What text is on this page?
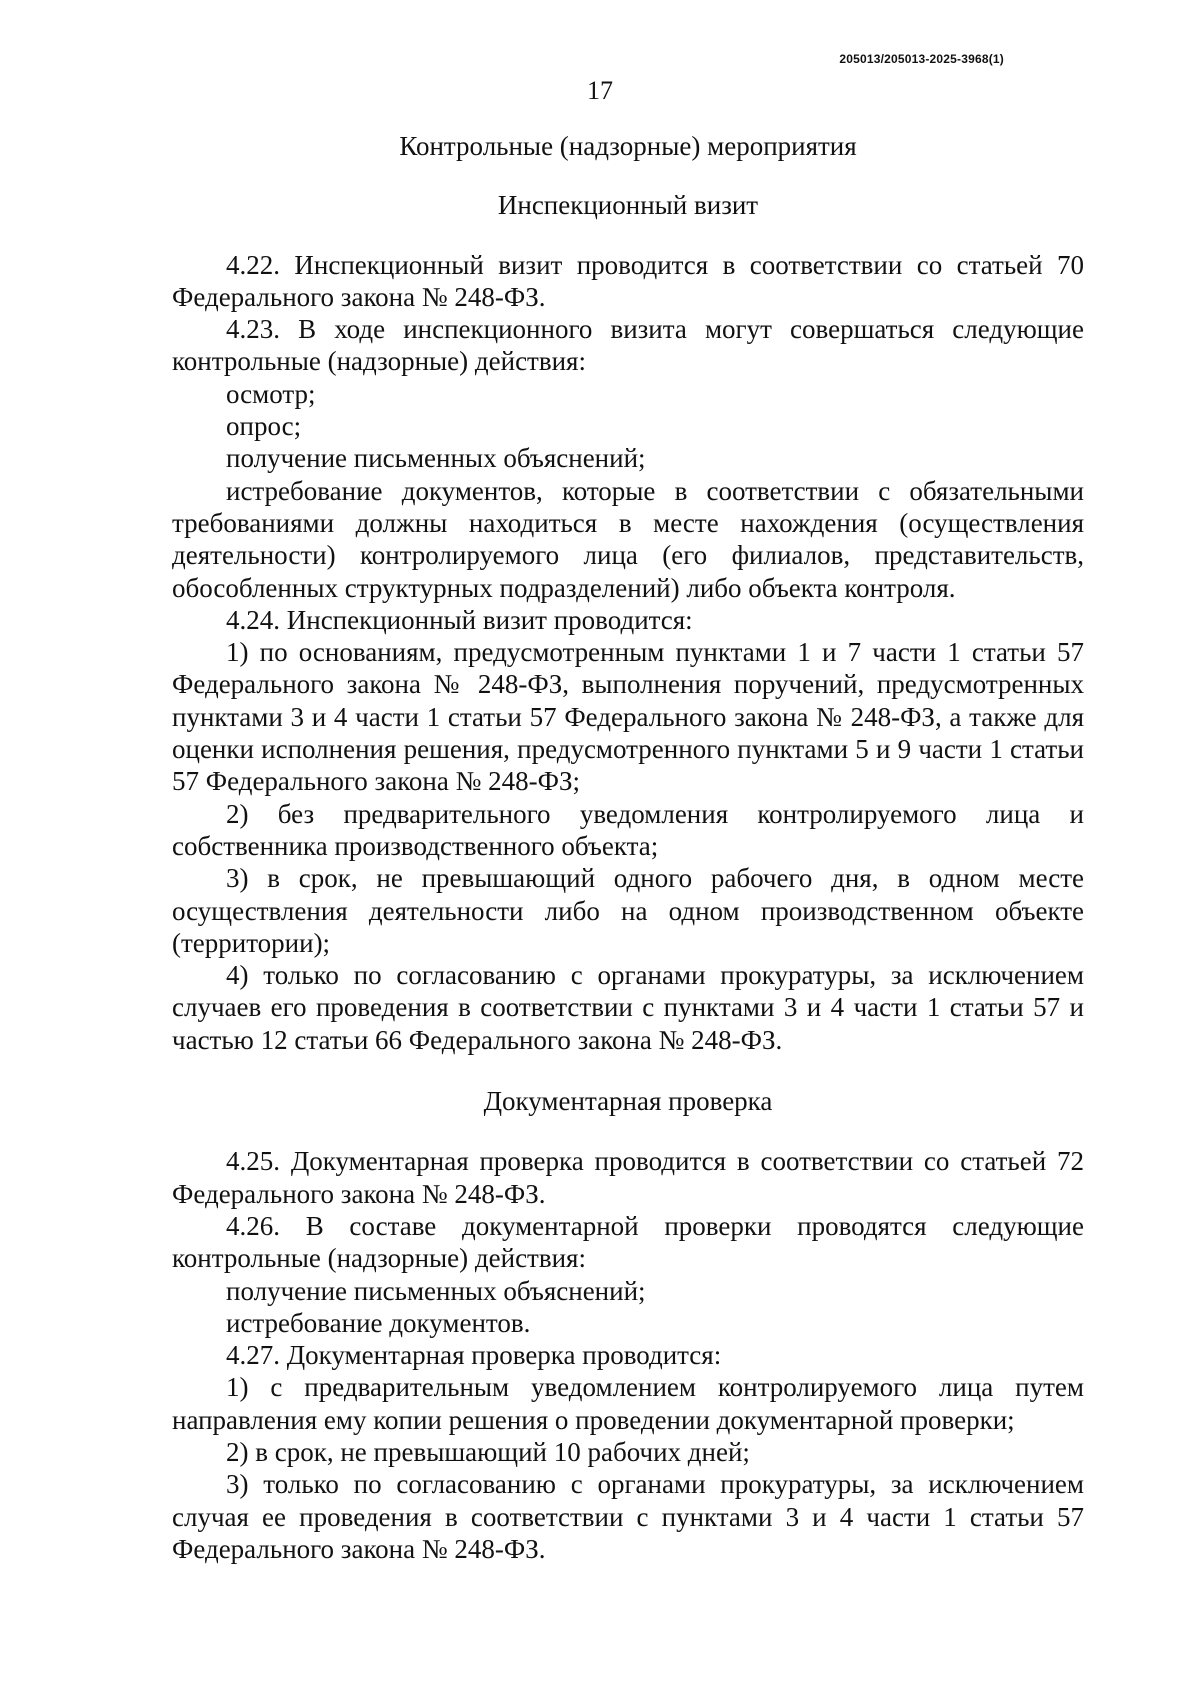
205013/205013-2025-3968(1)
17
Контрольные (надзорные) мероприятия
Инспекционный визит

4.22. Инспекционный визит проводится в соответствии со статьей 70 Федерального закона № 248-ФЗ.

4.23. В ходе инспекционного визита могут совершаться следующие контрольные (надзорные) действия:

осмотр;

опрос;

получение письменных объяснений;

истребование документов, которые в соответствии с обязательными требованиями должны находиться в месте нахождения (осуществления деятельности) контролируемого лица (его филиалов, представительств, обособленных структурных подразделений) либо объекта контроля.

4.24. Инспекционный визит проводится:

1) по основаниям, предусмотренным пунктами 1 и 7 части 1 статьи 57 Федерального закона № 248-ФЗ, выполнения поручений, предусмотренных пунктами 3 и 4 части 1 статьи 57 Федерального закона № 248-ФЗ, а также для оценки исполнения решения, предусмотренного пунктами 5 и 9 части 1 статьи 57 Федерального закона № 248-ФЗ;

2) без предварительного уведомления контролируемого лица и собственника производственного объекта;

3) в срок, не превышающий одного рабочего дня, в одном месте осуществления деятельности либо на одном производственном объекте (территории);

4) только по согласованию с органами прокуратуры, за исключением случаев его проведения в соответствии с пунктами 3 и 4 части 1 статьи 57 и частью 12 статьи 66 Федерального закона № 248-ФЗ.

Документарная проверка

4.25. Документарная проверка проводится в соответствии со статьей 72 Федерального закона № 248-ФЗ.

4.26. В составе документарной проверки проводятся следующие контрольные (надзорные) действия:

получение письменных объяснений;

истребование документов.

4.27. Документарная проверка проводится:

1) с предварительным уведомлением контролируемого лица путем направления ему копии решения о проведении документарной проверки;

2) в срок, не превышающий 10 рабочих дней;

3) только по согласованию с органами прокуратуры, за исключением случая ее проведения в соответствии с пунктами 3 и 4 части 1 статьи 57 Федерального закона № 248-ФЗ.
